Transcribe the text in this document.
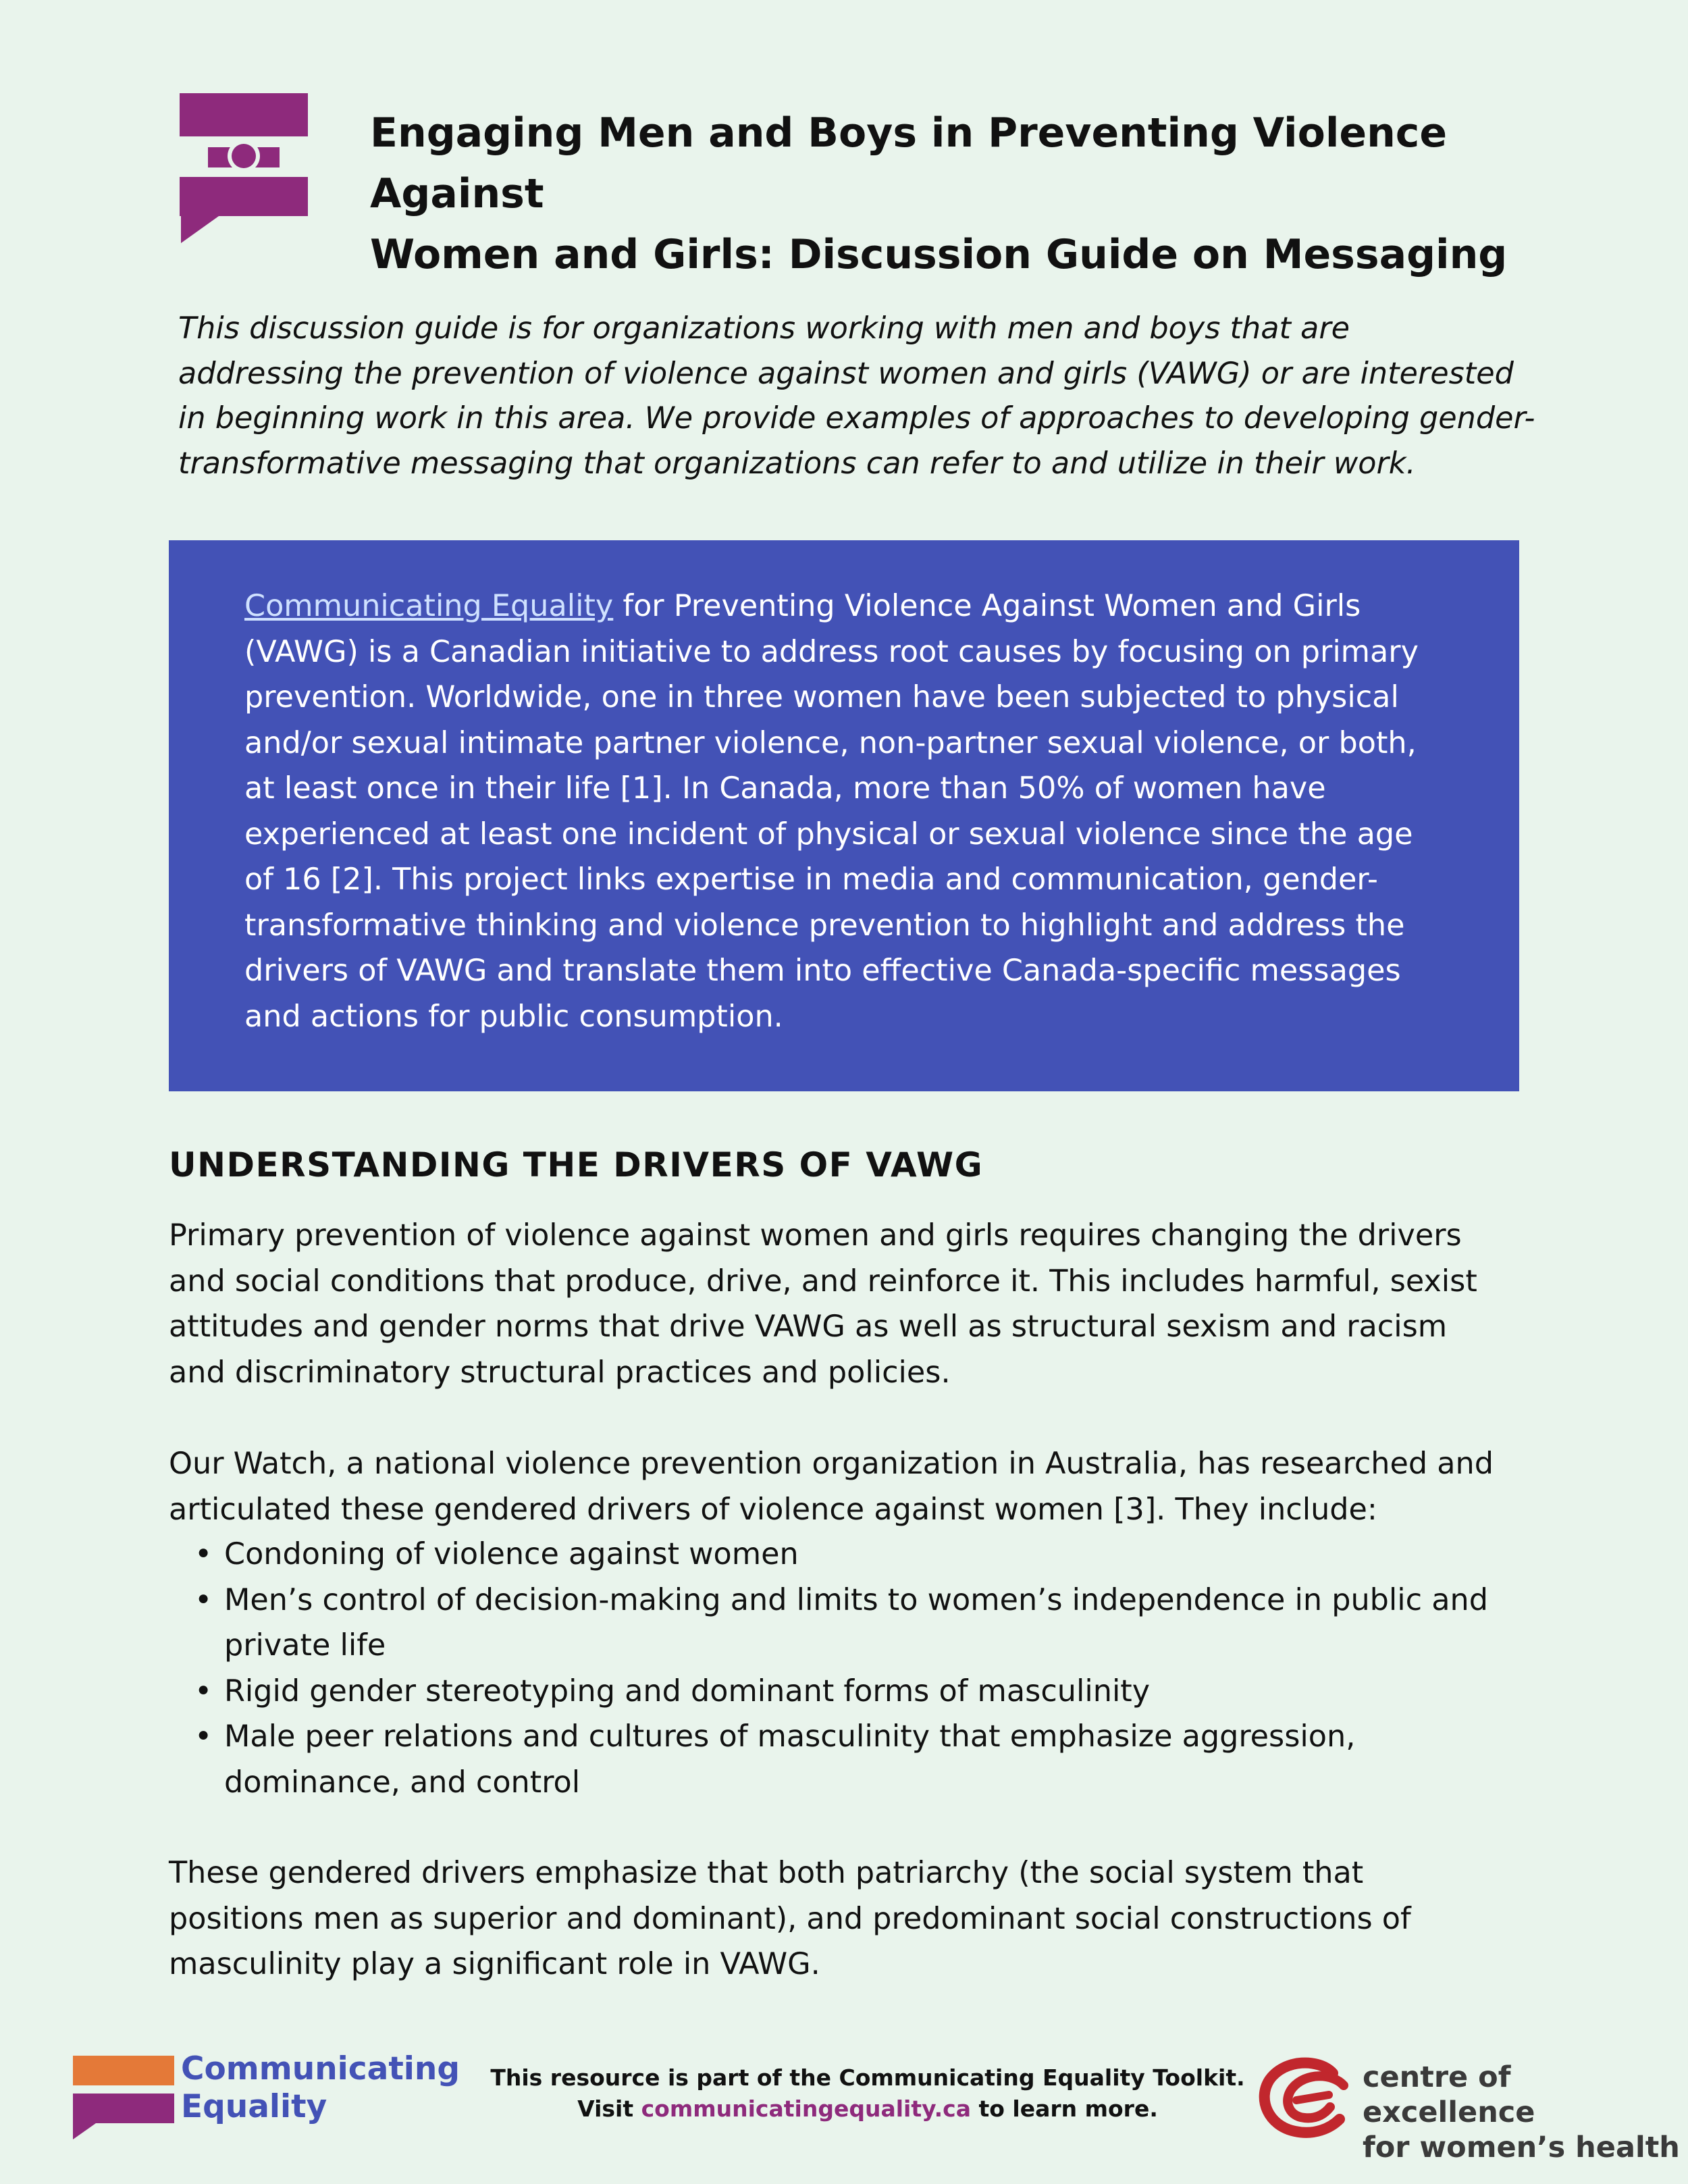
Engaging Men and Boys in Preventing Violence Against
Women and Girls: Discussion Guide on Messaging

This discussion guide is for organizations working with men and boys that are
addressing the prevention of violence against women and girls (VAWG) or are interested
in beginning work in this area. We provide examples of approaches to developing gender-
transformative messaging that organizations can refer to and utilize in their work.

Communicating Equality for Preventing Violence Against Women and Girls
(VAWG) is a Canadian initiative to address root causes by focusing on primary
prevention. Worldwide, one in three women have been subjected to physical
and/or sexual intimate partner violence, non-partner sexual violence, or both,
at least once in their life [1]. In Canada, more than 50% of women have
experienced at least one incident of physical or sexual violence since the age
of 16 [2]. This project links expertise in media and communication, gender-
transformative thinking and violence prevention to highlight and address the
drivers of VAWG and translate them into effective Canada-specific messages
and actions for public consumption.

UNDERSTANDING THE DRIVERS OF VAWG

Primary prevention of violence against women and girls requires changing the drivers
and social conditions that produce, drive, and reinforce it. This includes harmful, sexist
attitudes and gender norms that drive VAWG as well as structural sexism and racism
and discriminatory structural practices and policies.

Our Watch, a national violence prevention organization in Australia, has researched and
articulated these gendered drivers of violence against women [3]. They include:

• Condoning of violence against women
• Men’s control of decision-making and limits to women’s independence in public and
private life
• Rigid gender stereotyping and dominant forms of masculinity
• Male peer relations and cultures of masculinity that emphasize aggression,
dominance, and control

These gendered drivers emphasize that both patriarchy (the social system that
positions men as superior and dominant), and predominant social constructions of
masculinity play a significant role in VAWG.

Communicating
Equality
This resource is part of the Communicating Equality Toolkit.
Visit communicatingequality.ca to learn more.
centre of excellence
for women’s health
